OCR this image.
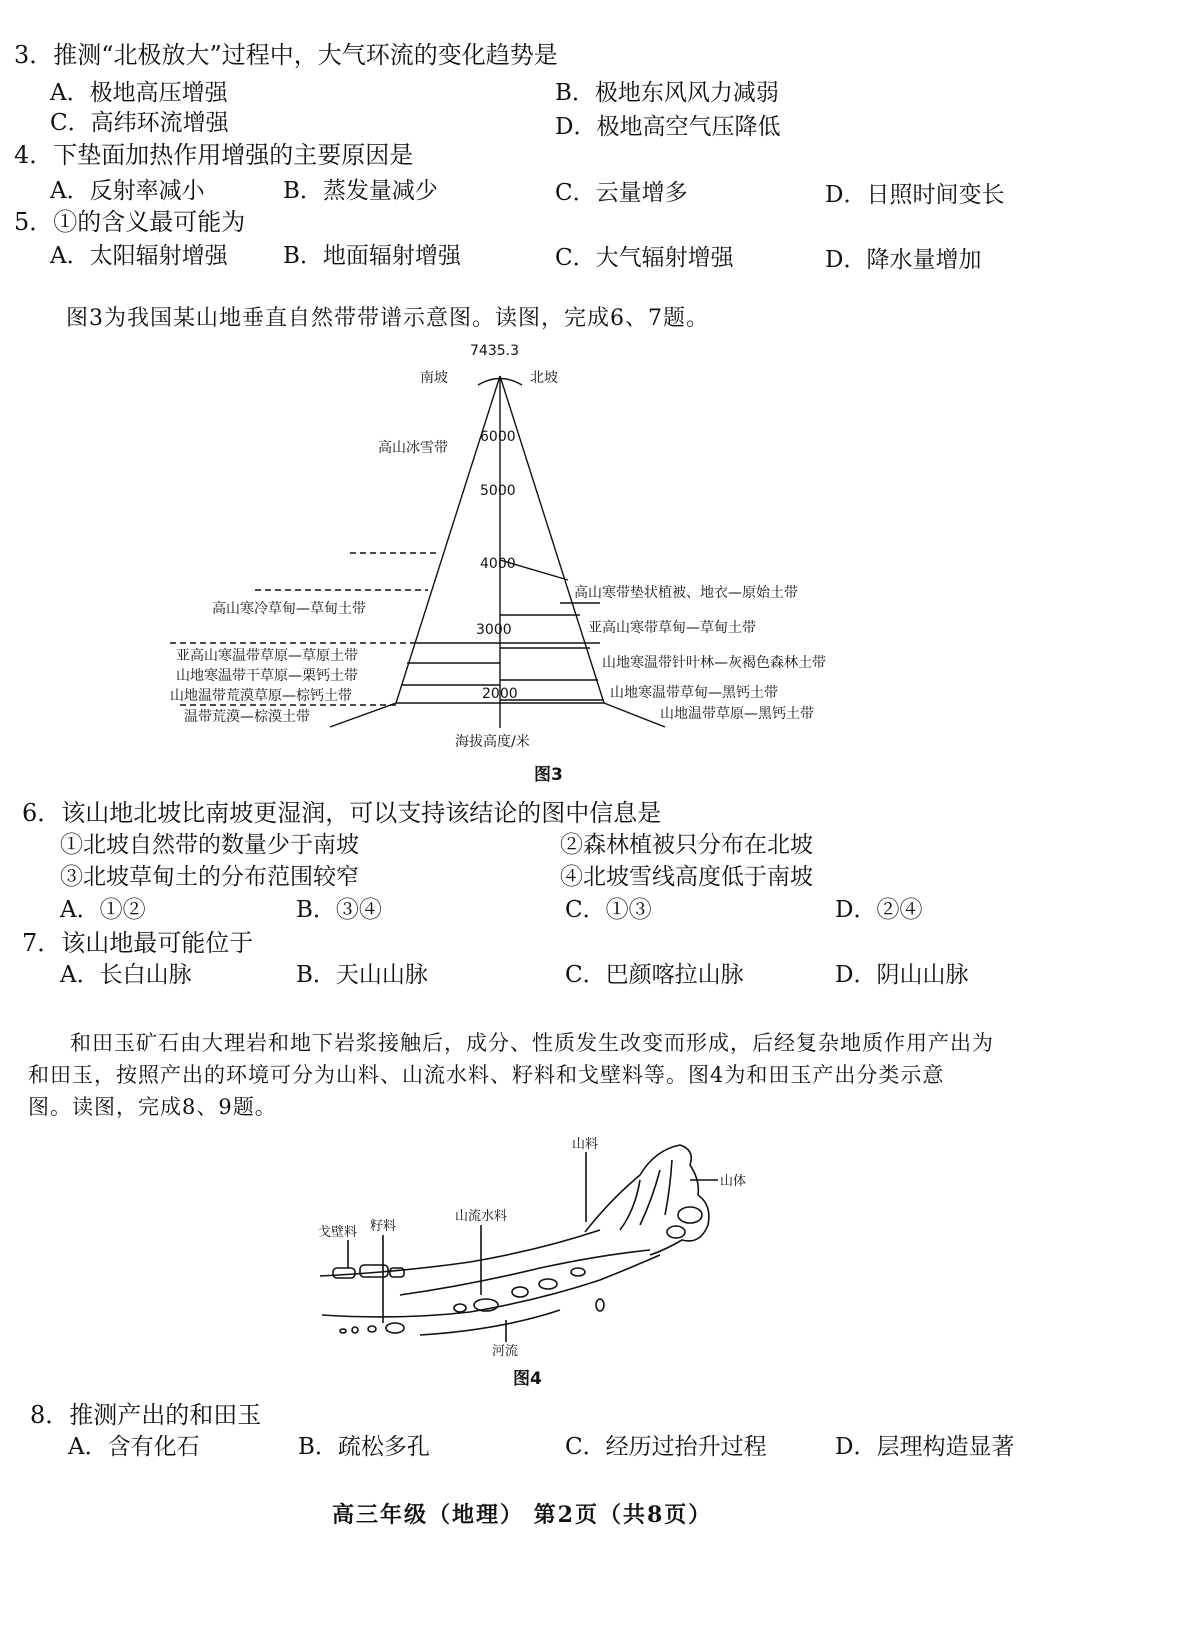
3．推测“北极放大”过程中，大气环流的变化趋势是
A．极地高压增强	B．极地东风风力减弱
C．高纬环流增强	D．极地高空气压降低
4．下垫面加热作用增强的主要原因是
A．反射率减小	B．蒸发量减少	C．云量增多	D．日照时间变长
5．①的含义最可能为
A．太阳辐射增强 B．地面辐射增强	C．大气辐射增强	D．降水量增加
图3为我国某山地垂直自然带带谱示意图。读图，完成6、7题。
6000
5000
4000
3000
2000
7435.3
南坡	北坡
高山冰雪带
高山寒冷草甸—草甸土带
亚高山寒温带草原—草原土带
山地寒温带干草原—栗钙土带
山地温带荒漠草原—棕钙土带
温带荒漠—棕漠土带
高山寒带垫状植被、地衣—原始土带
亚高山寒带草甸—草甸土带
山地寒温带针叶林—灰褐色森林土带
山地寒温带草甸—黑钙土带
山地温带草原—黑钙土带
海拔高度/米
图3
6．该山地北坡比南坡更湿润，可以支持该结论的图中信息是
①北坡自然带的数量少于南坡	②森林植被只分布在北坡
③北坡草甸土的分布范围较窄	④北坡雪线高度低于南坡
A．①②	B．③④	C．①③	D．②④
7．该山地最可能位于
A．长白山脉	B．天山山脉	C．巴颜喀拉山脉	D．阴山山脉
和田玉矿石由大理岩和地下岩浆接触后，成分、性质发生改变而形成，后经复杂地质作用产出为
和田玉，按照产出的环境可分为山料、山流水料、籽料和戈壁料等。图4为和田玉产出分类示意
图。读图，完成8、9题。
山料
山体
山流水料
籽料
戈壁料
河流
图4
8．推测产出的和田玉
A．含有化石	B．疏松多孔	C．经历过抬升过程	D．层理构造显著
高三年级（地理） 第2页（共8页）
